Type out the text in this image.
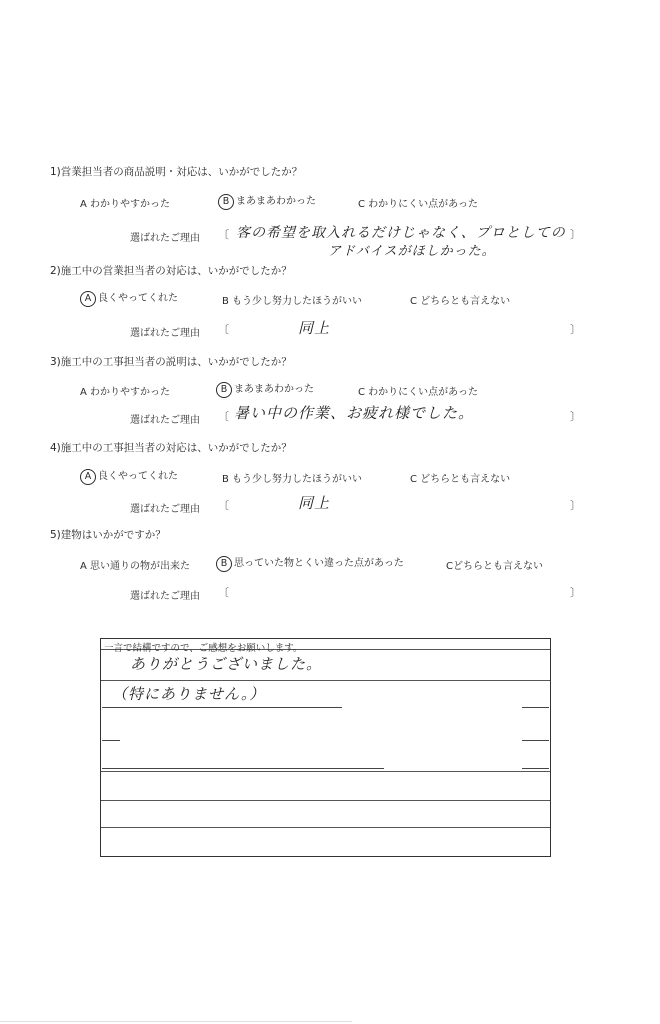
1)営業担当者の商品説明・対応は、いかがでしたか？
A わかりやすかった	B まあまあわかった	C わかりにくい点があった
選ばれたご理由 〔 客の希望を取入れるだけじゃなく、プロとしての
アドバイスがほしかった。
〕
2)施工中の営業担当者の対応は、いかがでしたか？
A 良くやってくれた	B もう少し努力したほうがいい	C どちらとも言えない
選ばれたご理由 〔	同上	〕
3)施工中の工事担当者の説明は、いかがでしたか？
A わかりやすかった	B まあまあわかった	C わかりにくい点があった
選ばれたご理由 〔 暑い中の作業、お疲れ様でした。	〕
4)施工中の工事担当者の対応は、いかがでしたか？
A 良くやってくれた	B もう少し努力したほうがいい	C どちらとも言えない
選ばれたご理由 〔	同上	〕
5)建物はいかがですか？
A 思い通りの物が出来た	B 思っていた物とくい違った点があった	Cどちらとも言えない
選ばれたご理由 〔	〕
一言で結構ですので、ご感想をお願いします。
ありがとうございました。
（特にありません。）
